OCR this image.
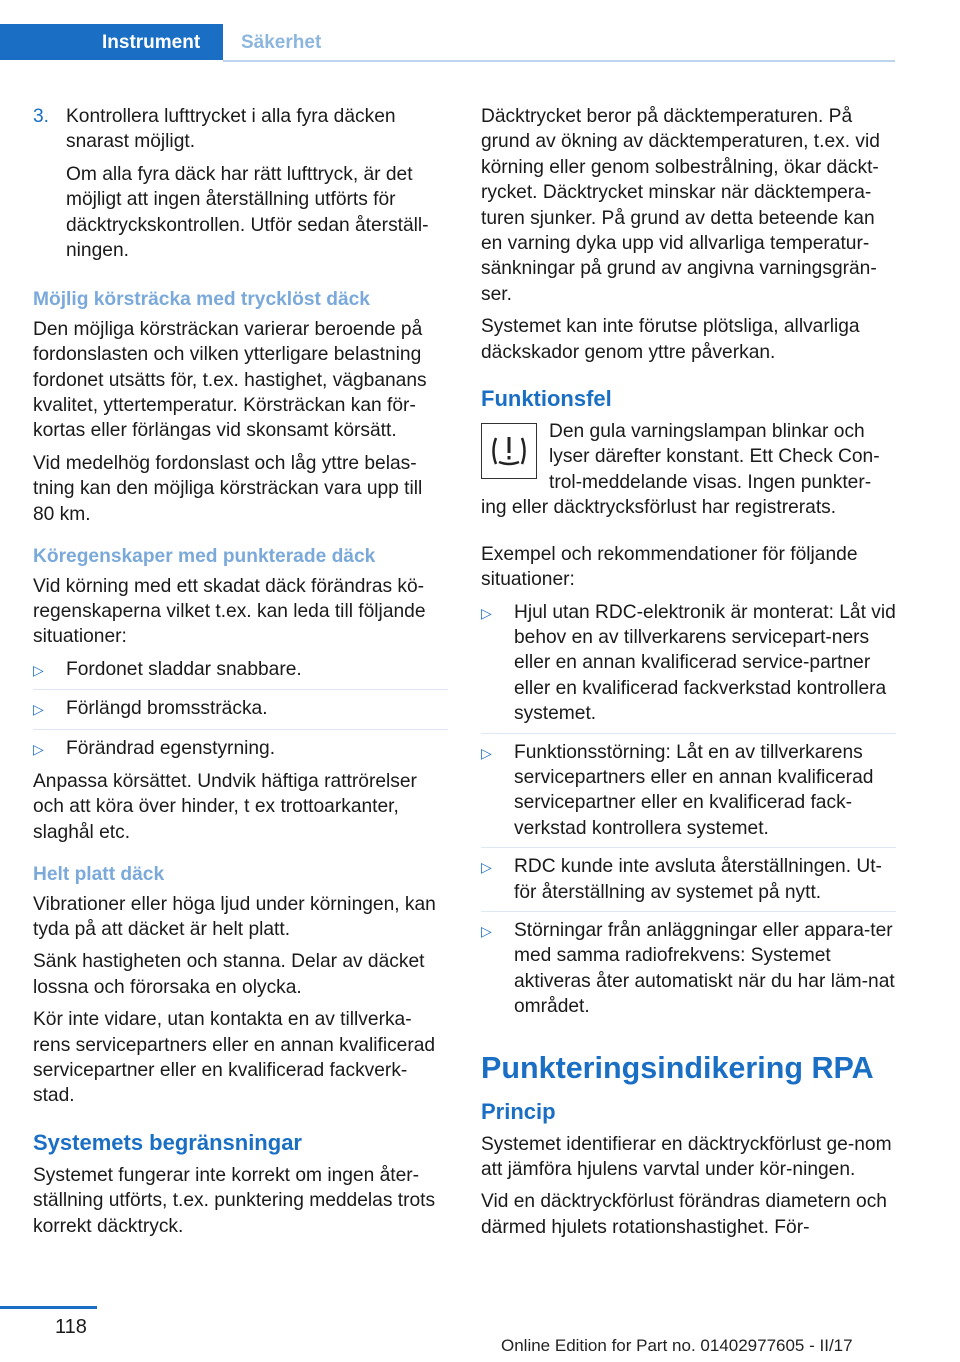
Instrument	Säkerhet
3. Kontrollera lufttrycket i alla fyra däcken snarast möjligt.

Om alla fyra däck har rätt lufttryck, är det möjligt att ingen återställning utförts för däcktryckskontrollen. Utför sedan återställ-ningen.

Möjlig körsträcka med trycklöst däck

Den möjliga körsträckan varierar beroende på fordonslasten och vilken ytterligare belastning fordonet utsätts för, t.ex. hastighet, vägbanans kvalitet, yttertemperatur. Körsträckan kan för-kortas eller förlängas vid skonsamt körsätt.

Vid medelhög fordonslast och låg yttre belas-tning kan den möjliga körsträckan vara upp till 80 km.

Köregenskaper med punkterade däck

Vid körning med ett skadat däck förändras kö-regenskaperna vilket t.ex. kan leda till följande situationer:

▷	Fordonet sladdar snabbare.
▷	Förlängd bromssträcka.
▷	Förändrad egenstyrning.

Anpassa körsättet. Undvik häftiga rattrörelser och att köra över hinder, t ex trottoarkanter, slaghål etc.

Helt platt däck

Vibrationer eller höga ljud under körningen, kan tyda på att däcket är helt platt.

Sänk hastigheten och stanna. Delar av däcket lossna och förorsaka en olycka.

Kör inte vidare, utan kontakta en av tillverka-rens servicepartners eller en annan kvalificerad servicepartner eller en kvalificerad fackverk-stad.

Systemets begränsningar

Systemet fungerar inte korrekt om ingen åter-ställning utförts, t.ex. punktering meddelas trots korrekt däcktryck.

Däcktrycket beror på däcktemperaturen. På grund av ökning av däcktemperaturen, t.ex. vid körning eller genom solbestrålning, ökar däckt-rycket. Däcktrycket minskar när däcktempera-turen sjunker. På grund av detta beteende kan en varning dyka upp vid allvarliga temperatur-sänkningar på grund av angivna varningsgrän-ser.

Systemet kan inte förutse plötsliga, allvarliga däckskador genom yttre påverkan.

Funktionsfel

Den gula varningslampan blinkar och lyser därefter konstant. Ett Check Con-trol-meddelande visas. Ingen punkter-ing eller däcktrycksförlust har registrerats.

Exempel och rekommendationer för följande situationer:

▷	Hjul utan RDC-elektronik är monterat: Låt vid behov en av tillverkarens servicepart-ners eller en annan kvalificerad service-partner eller en kvalificerad fackverkstad kontrollera systemet.
▷	Funktionsstörning: Låt en av tillverkarens servicepartners eller en annan kvalificerad servicepartner eller en kvalificerad fack-verkstad kontrollera systemet.
▷	RDC kunde inte avsluta återställningen. Ut-för återställning av systemet på nytt.
▷	Störningar från anläggningar eller appara-ter med samma radiofrekvens: Systemet aktiveras åter automatiskt när du har läm-nat området.
Punkteringsindikering RPA
Princip

Systemet identifierar en däcktryckförlust ge-nom att jämföra hjulens varvtal under kör-ningen.

Vid en däcktryckförlust förändras diametern och därmed hjulets rotationshastighet. För-

118
Online Edition for Part no. 01402977605 - II/17
